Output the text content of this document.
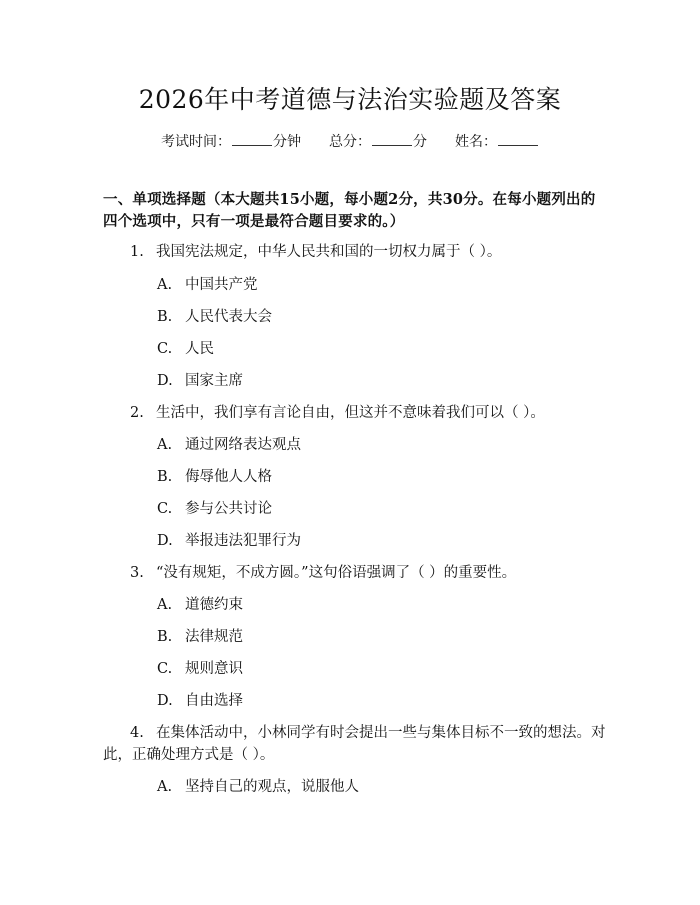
2026年中考道德与法治实验题及答案
考试时间：	分钟 总分：	分 姓名：
一、单项选择题（本大题共15小题，每小题2分，共30分。在每小题列出的四个选项中，只有一项是最符合题目要求的。）
1. 我国宪法规定，中华人民共和国的一切权力属于（ ）。
A. 中国共产党
B. 人民代表大会
C. 人民
D. 国家主席
2. 生活中，我们享有言论自由，但这并不意味着我们可以（ ）。
A. 通过网络表达观点
B. 侮辱他人人格
C. 参与公共讨论
D. 举报违法犯罪行为
3. “没有规矩，不成方圆。”这句俗语强调了（ ）的重要性。
A. 道德约束
B. 法律规范
C. 规则意识
D. 自由选择
4. 在集体活动中，小林同学有时会提出一些与集体目标不一致的想法。对
此，正确处理方式是（ ）。
A. 坚持自己的观点，说服他人
